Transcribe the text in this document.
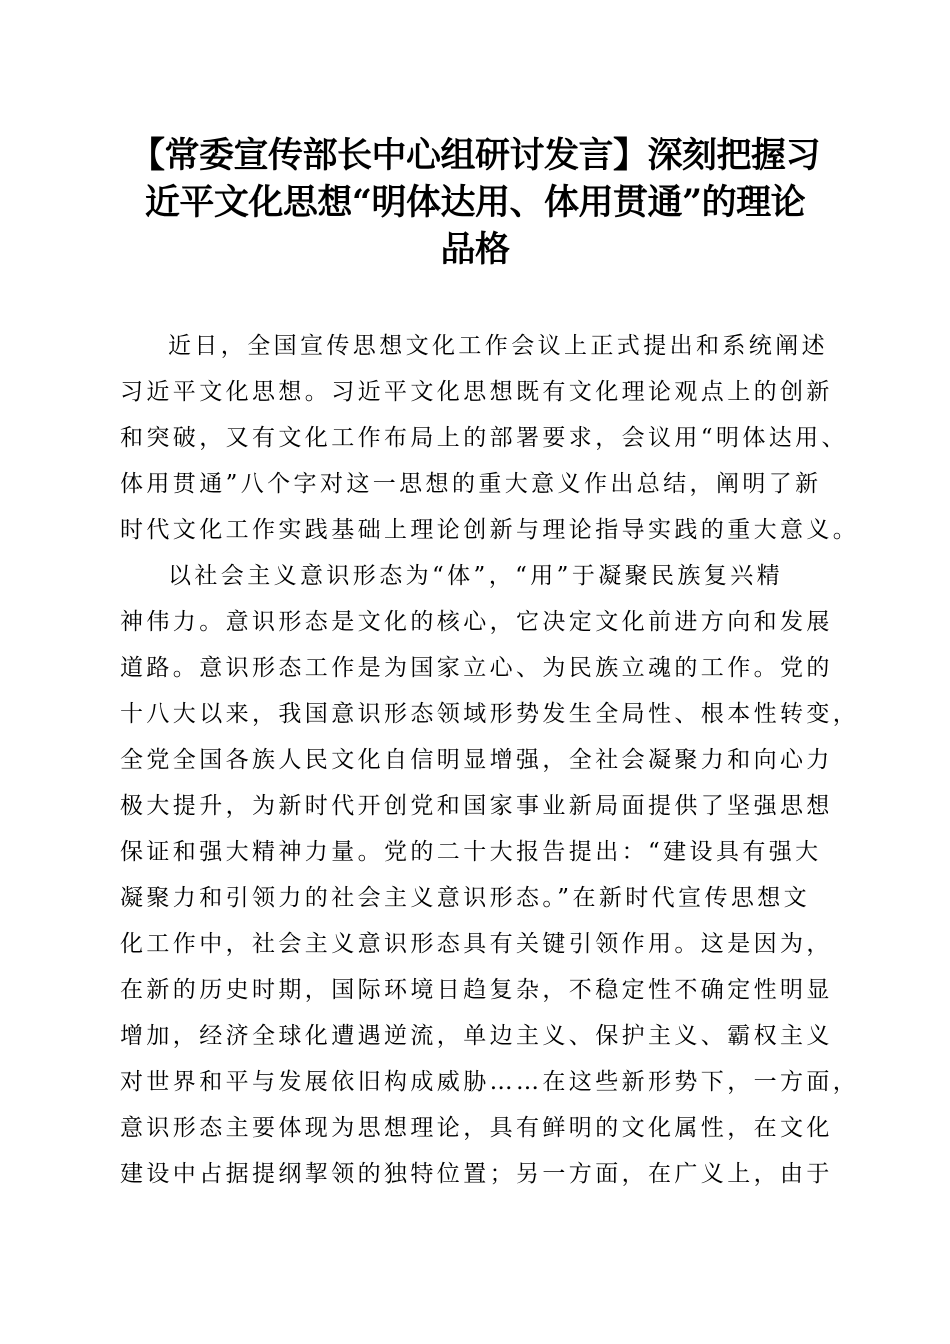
【常委宣传部长中心组研讨发言】深刻把握习
近平文化思想“明体达用、体用贯通”的理论
品格
近日，全国宣传思想文化工作会议上正式提出和系统阐述
习近平文化思想。习近平文化思想既有文化理论观点上的创新
和突破，又有文化工作布局上的部署要求，会议用“明体达用、
体用贯通”八个字对这一思想的重大意义作出总结，阐明了新
时代文化工作实践基础上理论创新与理论指导实践的重大意义。
以社会主义意识形态为“体”，“用”于凝聚民族复兴精
神伟力。意识形态是文化的核心，它决定文化前进方向和发展
道路。意识形态工作是为国家立心、为民族立魂的工作。党的
十八大以来，我国意识形态领域形势发生全局性、根本性转变，
全党全国各族人民文化自信明显增强，全社会凝聚力和向心力
极大提升，为新时代开创党和国家事业新局面提供了坚强思想
保证和强大精神力量。党的二十大报告提出：“建设具有强大
凝聚力和引领力的社会主义意识形态。”在新时代宣传思想文
化工作中，社会主义意识形态具有关键引领作用。这是因为，
在新的历史时期，国际环境日趋复杂，不稳定性不确定性明显
增加，经济全球化遭遇逆流，单边主义、保护主义、霸权主义
对世界和平与发展依旧构成威胁……在这些新形势下，一方面，
意识形态主要体现为思想理论，具有鲜明的文化属性，在文化
建设中占据提纲挈领的独特位置；另一方面，在广义上，由于
